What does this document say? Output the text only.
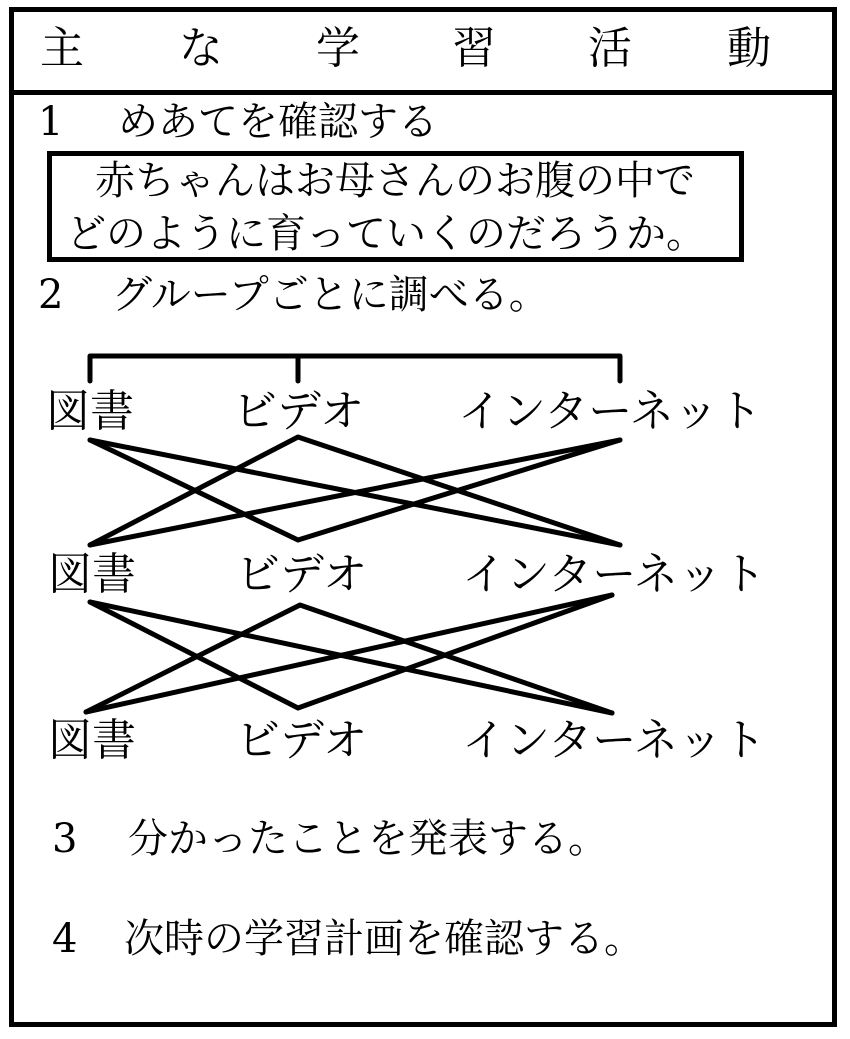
主 な 学 習 活 動
1 めあてを確認する
赤ちゃんはお母さんのお腹の中で
どのように育っていくのだろうか。
2 グループごとに調べる。
図書 ビデオ インターネット
図書 ビデオ インターネット
図書 ビデオ インターネット
3 分かったことを発表する。
4 次時の学習計画を確認する。
